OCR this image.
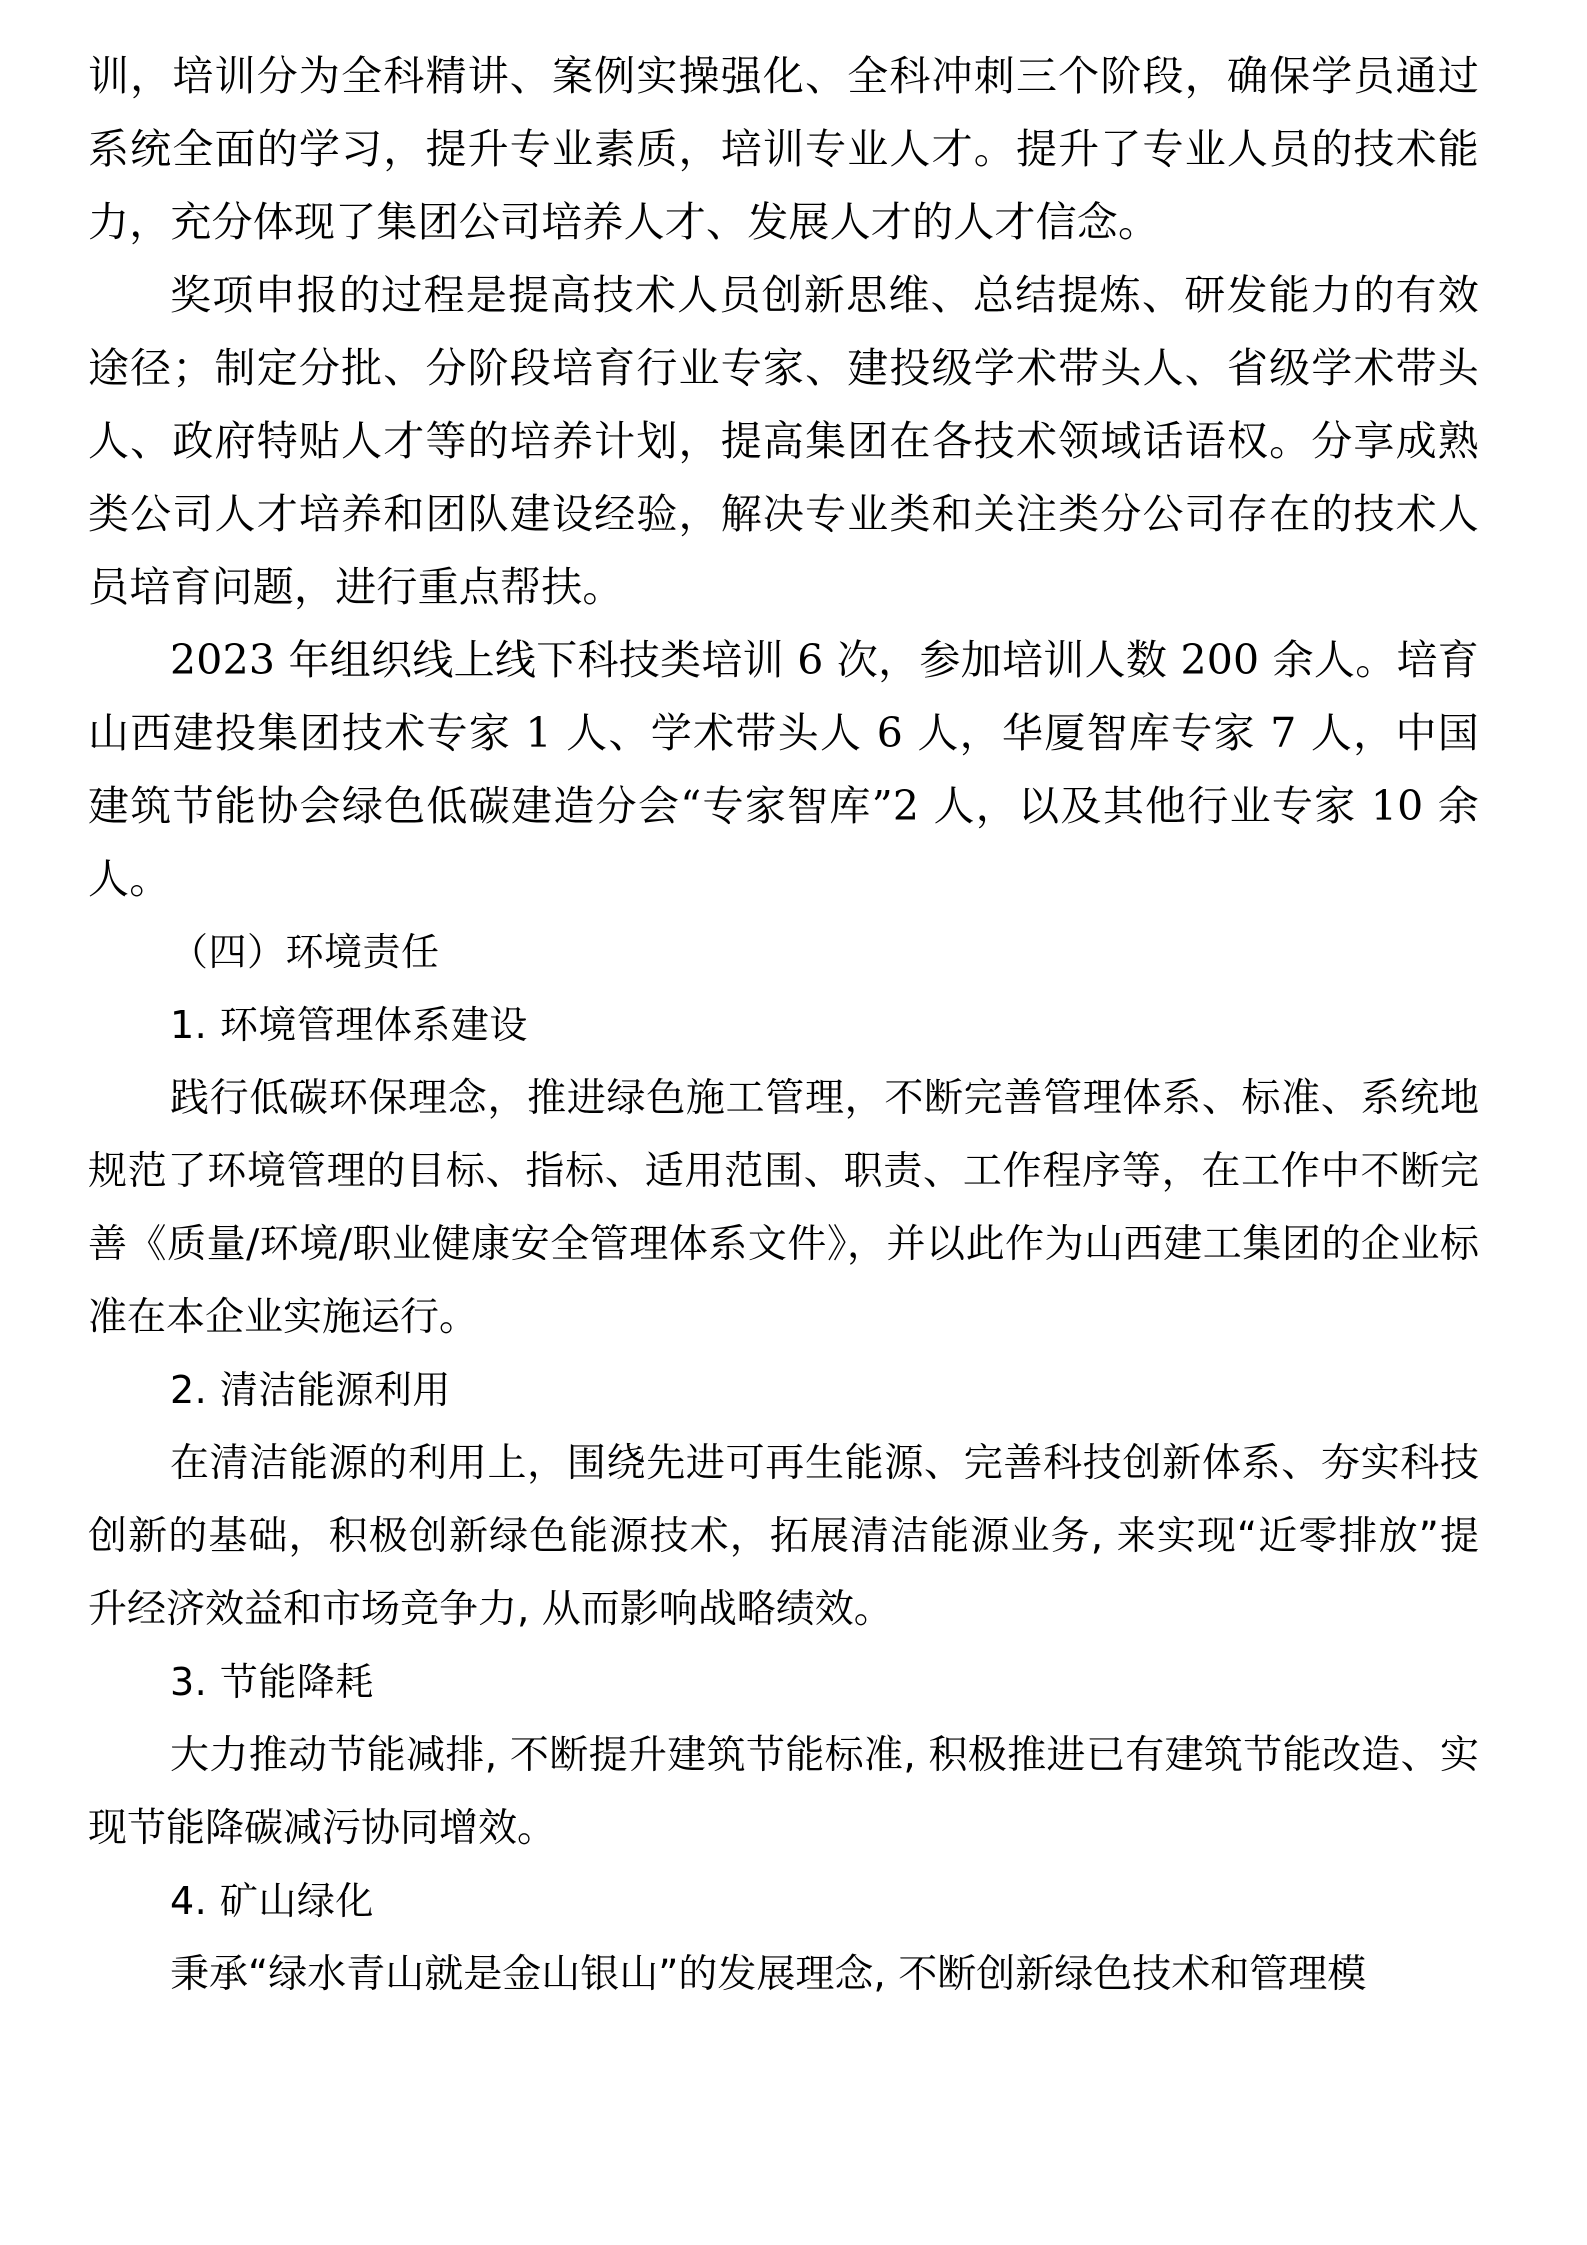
训，培训分为全科精讲、案例实操强化、全科冲刺三个阶段，确保学员通过系统全面的学习，提升专业素质，培训专业人才。提升了专业人员的技术能力，充分体现了集团公司培养人才、发展人才的人才信念。

奖项申报的过程是提高技术人员创新思维、总结提炼、研发能力的有效途径；制定分批、分阶段培育行业专家、建投级学术带头人、省级学术带头人、政府特贴人才等的培养计划，提高集团在各技术领域话语权。分享成熟类公司人才培养和团队建设经验，解决专业类和关注类分公司存在的技术人员培育问题，进行重点帮扶。

2023 年组织线上线下科技类培训 6 次，参加培训人数 200 余人。培育山西建投集团技术专家 1 人、学术带头人 6 人，华厦智库专家 7 人，中国建筑节能协会绿色低碳建造分会“专家智库”2 人，以及其他行业专家 10 余人。

（四）环境责任

1. 环境管理体系建设

践行低碳环保理念，推进绿色施工管理，不断完善管理体系、标准、系统地规范了环境管理的目标、指标、适用范围、职责、工作程序等，在工作中不断完善《质量/环境/职业健康安全管理体系文件》，并以此作为山西建工集团的企业标准在本企业实施运行。

2. 清洁能源利用

在清洁能源的利用上，围绕先进可再生能源、完善科技创新体系、夯实科技创新的基础，积极创新绿色能源技术，拓展清洁能源业务, 来实现“近零排放”提升经济效益和市场竞争力, 从而影响战略绩效。

3. 节能降耗

大力推动节能减排, 不断提升建筑节能标准, 积极推进已有建筑节能改造、实现节能降碳减污协同增效。

4. 矿山绿化

秉承“绿水青山就是金山银山”的发展理念, 不断创新绿色技术和管理模
